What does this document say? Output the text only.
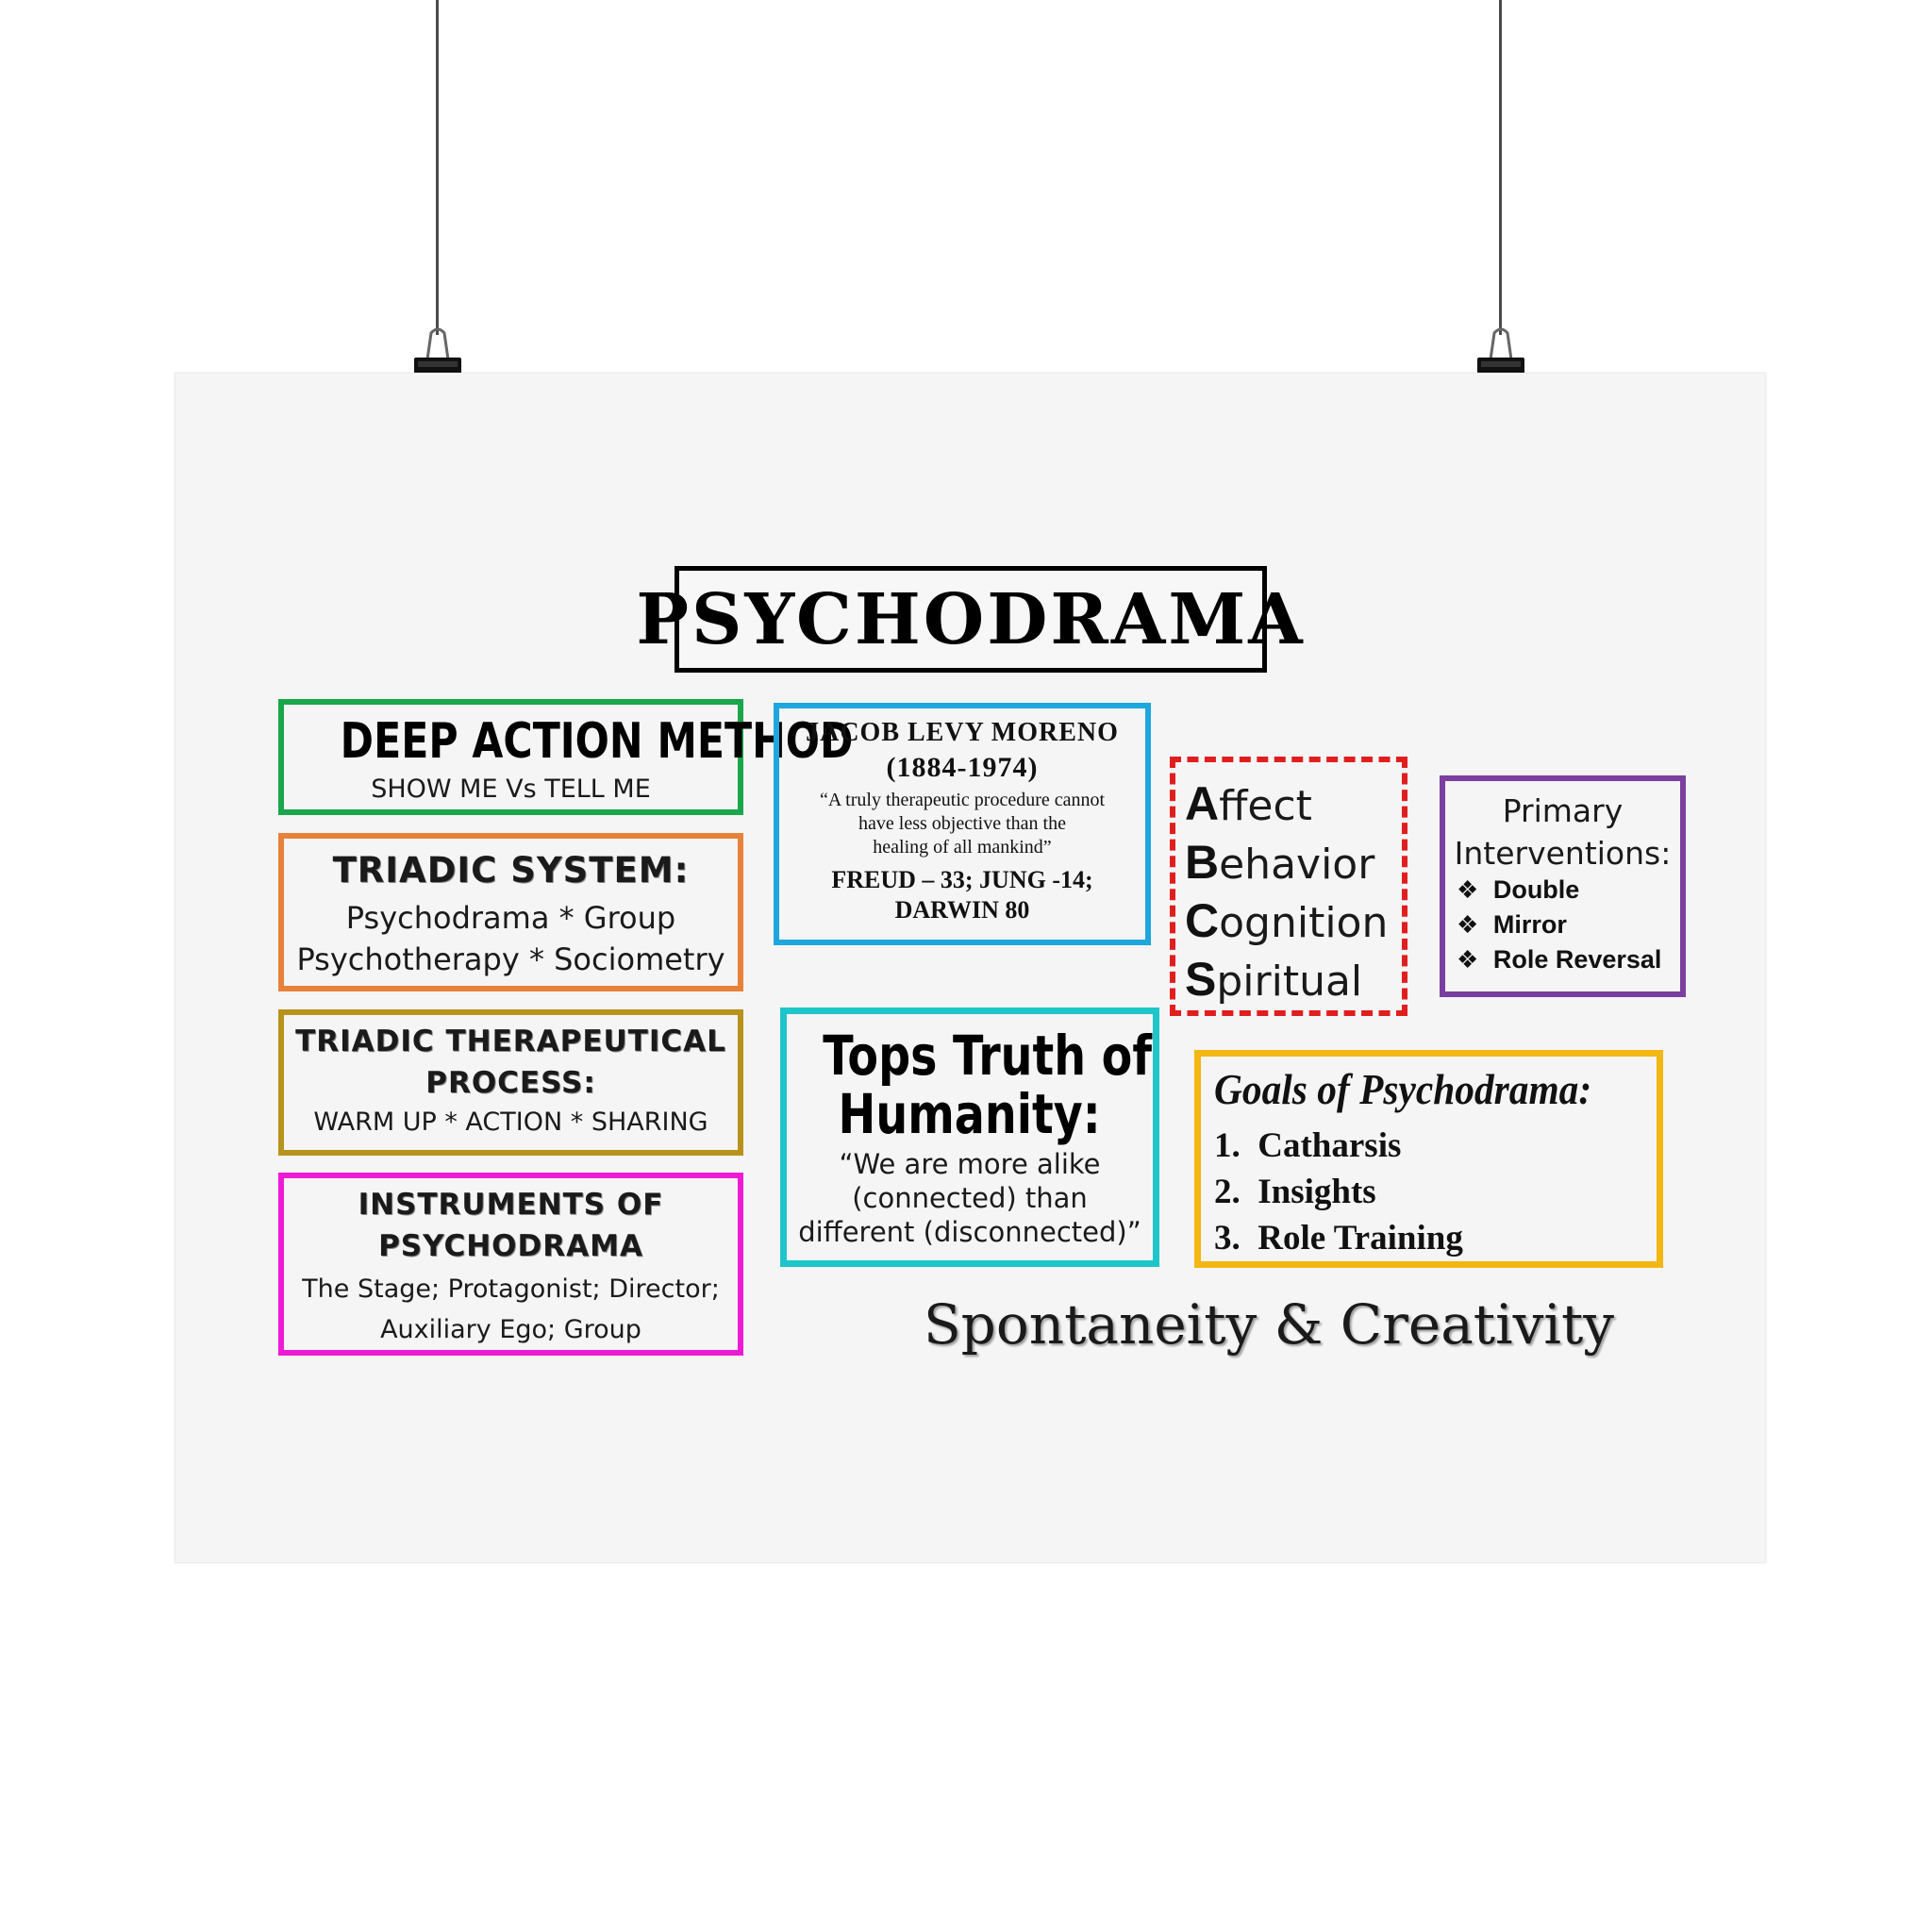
PSYCHODRAMA
DEEP ACTION METHOD
SHOW ME Vs TELL ME
TRIADIC SYSTEM:
Psychodrama * Group
Psychotherapy * Sociometry
TRIADIC THERAPEUTICAL
PROCESS:
WARM UP * ACTION * SHARING
INSTRUMENTS OF
PSYCHODRAMA
The Stage; Protagonist; Director;
Auxiliary Ego; Group
JACOB LEVY MORENO
(1884-1974)
“A truly therapeutic procedure cannot
have less objective than the
healing of all mankind”
FREUD – 33; JUNG -14;
DARWIN 80
Affect
Behavior
Cognition
Spiritual
Primary
Interventions:
❖ Double
❖ Mirror
❖ Role Reversal
Tops Truth of
Humanity:
“We are more alike
(connected) than
different (disconnected)”
Goals of Psychodrama:
1.  Catharsis
2.  Insights
3.  Role Training
Spontaneity & Creativity
